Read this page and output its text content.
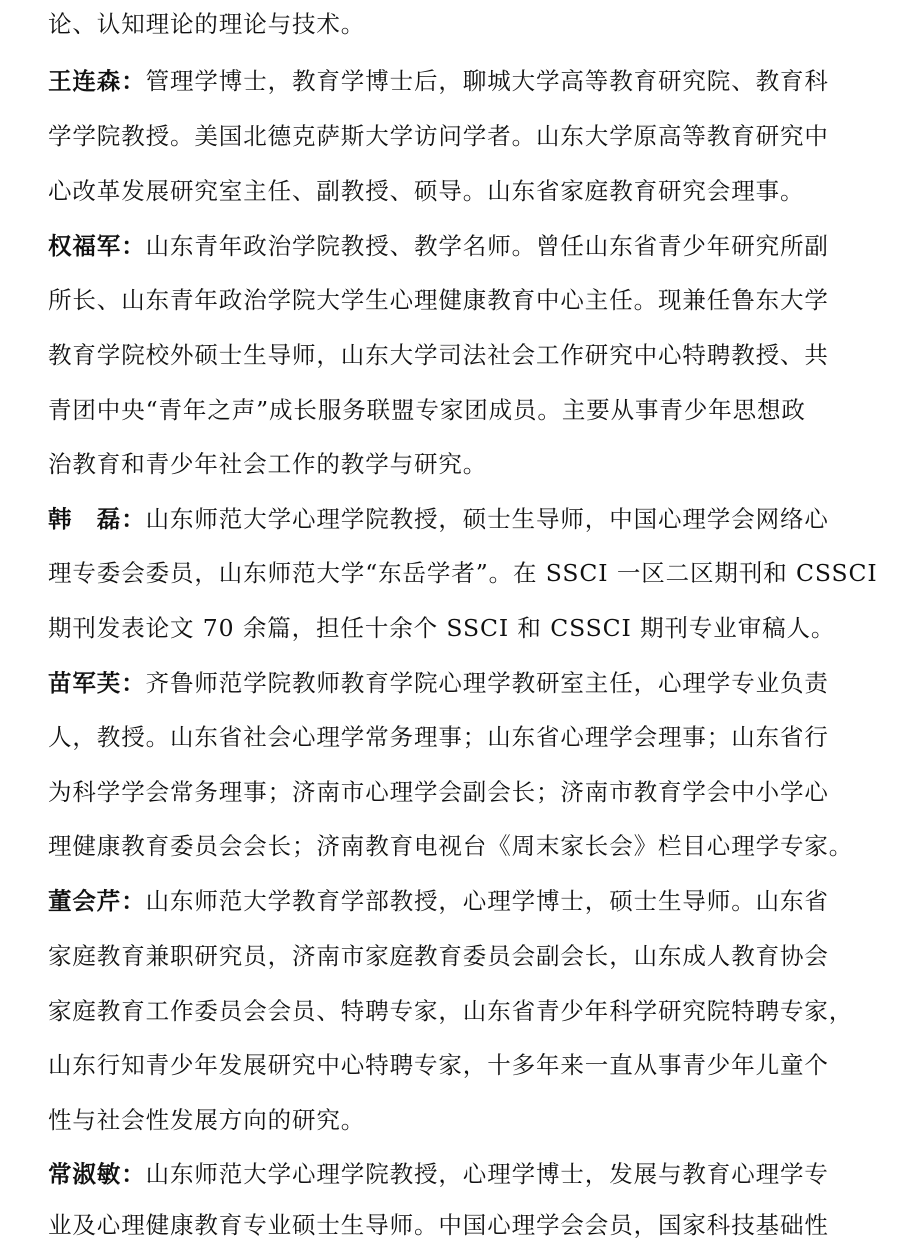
论、认知理论的理论与技术。
王连森：管理学博士，教育学博士后，聊城大学高等教育研究院、教育科
学学院教授。美国北德克萨斯大学访问学者。山东大学原高等教育研究中
心改革发展研究室主任、副教授、硕导。山东省家庭教育研究会理事。
权福军：山东青年政治学院教授、教学名师。曾任山东省青少年研究所副
所长、山东青年政治学院大学生心理健康教育中心主任。现兼任鲁东大学
教育学院校外硕士生导师，山东大学司法社会工作研究中心特聘教授、共
青团中央“青年之声”成长服务联盟专家团成员。主要从事青少年思想政
治教育和青少年社会工作的教学与研究。
韩　磊：山东师范大学心理学院教授，硕士生导师，中国心理学会网络心
理专委会委员，山东师范大学“东岳学者”。在 SSCI 一区二区期刊和 CSSCI
期刊发表论文 70 余篇，担任十余个 SSCI 和 CSSCI 期刊专业审稿人。
苗军芙：齐鲁师范学院教师教育学院心理学教研室主任，心理学专业负责
人，教授。山东省社会心理学常务理事；山东省心理学会理事；山东省行
为科学学会常务理事；济南市心理学会副会长；济南市教育学会中小学心
理健康教育委员会会长；济南教育电视台《周末家长会》栏目心理学专家。
董会芹：山东师范大学教育学部教授，心理学博士，硕士生导师。山东省
家庭教育兼职研究员，济南市家庭教育委员会副会长，山东成人教育协会
家庭教育工作委员会会员、特聘专家，山东省青少年科学研究院特聘专家，
山东行知青少年发展研究中心特聘专家，十多年来一直从事青少年儿童个
性与社会性发展方向的研究。
常淑敏：山东师范大学心理学院教授，心理学博士，发展与教育心理学专
业及心理健康教育专业硕士生导师。中国心理学会会员，国家科技基础性
